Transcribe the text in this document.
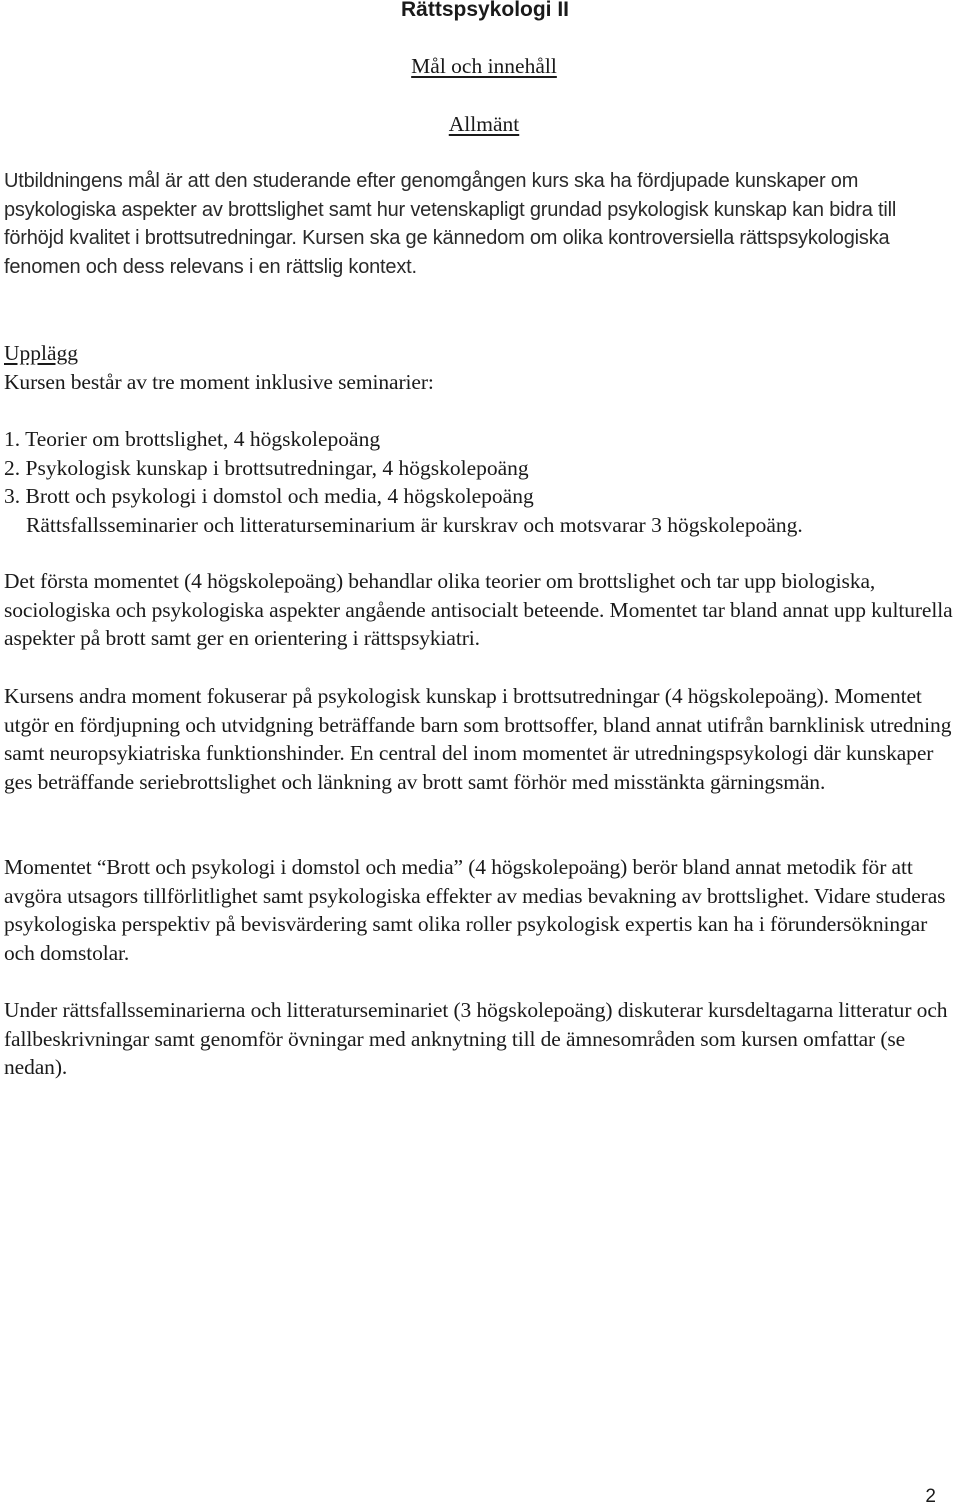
Rättspsykologi II
Mål och innehåll
Allmänt

Utbildningens mål är att den studerande efter genomgången kurs ska ha fördjupade kunskaper om psykologiska aspekter av brottslighet samt hur vetenskapligt grundad psykologisk kunskap kan bidra till förhöjd kvalitet i brottsutredningar. Kursen ska ge kännedom om olika kontroversiella rättspsykologiska fenomen och dess relevans i en rättslig kontext.

Upplägg

Kursen består av tre moment inklusive seminarier:

1. Teorier om brottslighet, 4 högskolepoäng
2. Psykologisk kunskap i brottsutredningar, 4 högskolepoäng
3. Brott och psykologi i domstol och media, 4 högskolepoäng
Rättsfallsseminarier och litteraturseminarium är kurskrav och motsvarar 3 högskolepoäng.

Det första momentet (4 högskolepoäng) behandlar olika teorier om brottslighet och tar upp biologiska, sociologiska och psykologiska aspekter angående antisocialt beteende. Momentet tar bland annat upp kulturella aspekter på brott samt ger en orientering i rättspsykiatri.

Kursens andra moment fokuserar på psykologisk kunskap i brottsutredningar (4 högskolepoäng). Momentet utgör en fördjupning och utvidgning beträffande barn som brottsoffer, bland annat utifrån barnklinisk utredning samt neuropsykiatriska funktionshinder. En central del inom momentet är utredningspsykologi där kunskaper ges beträffande seriebrottslighet och länkning av brott samt förhör med misstänkta gärningsmän.

Momentet “Brott och psykologi i domstol och media” (4 högskolepoäng) berör bland annat metodik för att avgöra utsagors tillförlitlighet samt psykologiska effekter av medias bevakning av brottslighet. Vidare studeras psykologiska perspektiv på bevisvärdering samt olika roller psykologisk expertis kan ha i förundersökningar och domstolar.

Under rättsfallsseminarierna och litteraturseminariet (3 högskolepoäng) diskuterar kursdeltagarna litteratur och fallbeskrivningar samt genomför övningar med anknytning till de ämnesområden som kursen omfattar (se nedan).

2
